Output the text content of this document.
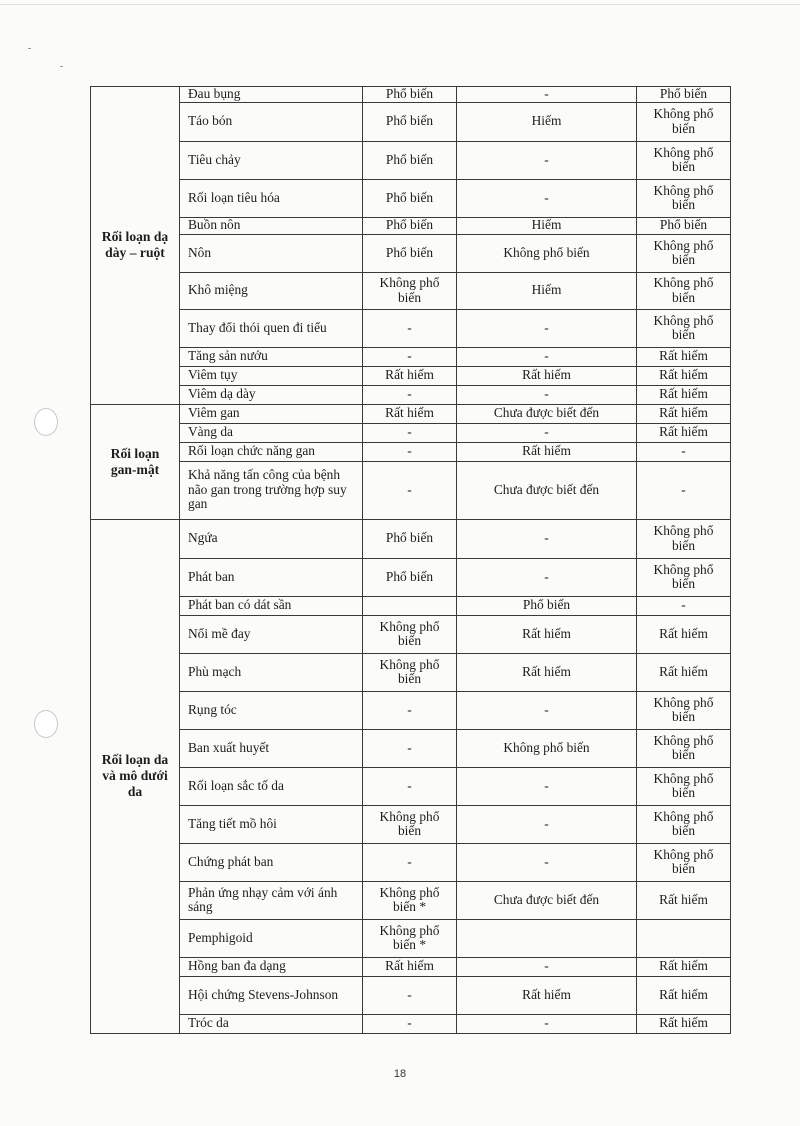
Rối loạn dạ dày – ruột	Đau bụng	Phổ biến	-	Phổ biến
	Táo bón	Phổ biến	Hiếm	Không phổ biến
	Tiêu chảy	Phổ biến	-	Không phổ biến
	Rối loạn tiêu hóa	Phổ biến	-	Không phổ biến
	Buồn nôn	Phổ biến	Hiếm	Phổ biến
	Nôn	Phổ biến	Không phổ biến	Không phổ biến
	Khô miệng	Không phổ biến	Hiếm	Không phổ biến
	Thay đổi thói quen đi tiểu	-	-	Không phổ biến
	Tăng sản nướu	-	-	Rất hiếm
	Viêm tụy	Rất hiếm	Rất hiếm	Rất hiếm
	Viêm dạ dày	-	-	Rất hiếm
Rối loạn gan-mật	Viêm gan	Rất hiếm	Chưa được biết đến	Rất hiếm
	Vàng da	-	-	Rất hiếm
	Rối loạn chức năng gan	-	Rất hiếm	-
	Khả năng tấn công của bệnh não gan trong trường hợp suy gan	-	Chưa được biết đến	-
Rối loạn da và mô dưới da	Ngứa	Phổ biến	-	Không phổ biến
	Phát ban	Phổ biến	-	Không phổ biến
	Phát ban có dát sần		Phổ biến	-
	Nổi mề đay	Không phổ biến	Rất hiếm	Rất hiếm
	Phù mạch	Không phổ biến	Rất hiếm	Rất hiếm
	Rụng tóc	-	-	Không phổ biến
	Ban xuất huyết	-	Không phổ biến	Không phổ biến
	Rối loạn sắc tố da	-	-	Không phổ biến
	Tăng tiết mồ hôi	Không phổ biến	-	Không phổ biến
	Chứng phát ban	-	-	Không phổ biến
	Phản ứng nhạy cảm với ánh sáng	Không phổ biến *	Chưa được biết đến	Rất hiếm
	Pemphigoid	Không phổ biến *		
	Hồng ban đa dạng	Rất hiếm	-	Rất hiếm
	Hội chứng Stevens-Johnson	-	Rất hiếm	Rất hiếm
	Tróc da	-	-	Rất hiếm
18
